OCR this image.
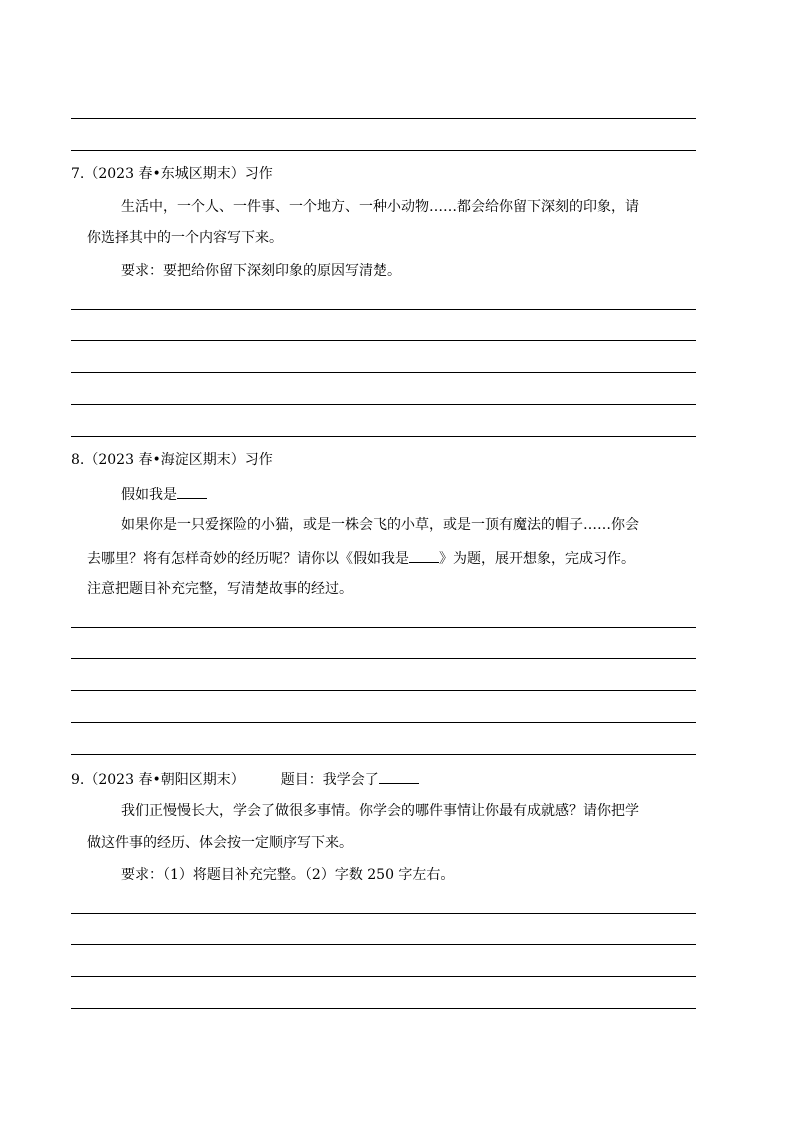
7.（2023 春•东城区期末）习作
生活中，一个人、一件事、一个地方、一种小动物……都会给你留下深刻的印象，请
你选择其中的一个内容写下来。
要求：要把给你留下深刻印象的原因写清楚。
8.（2023 春•海淀区期末）习作
假如我是
如果你是一只爱探险的小猫，或是一株会飞的小草，或是一顶有魔法的帽子……你会
去哪里？将有怎样奇妙的经历呢？请你以《假如我是 》为题，展开想象，完成习作。
注意把题目补充完整，写清楚故事的经过。
9.（2023 春•朝阳区期末）	题目：我学会了
我们正慢慢长大，学会了做很多事情。你学会的哪件事情让你最有成就感？请你把学
做这件事的经历、体会按一定顺序写下来。
要求：（1）将题目补充完整。（2）字数 250 字左右。
